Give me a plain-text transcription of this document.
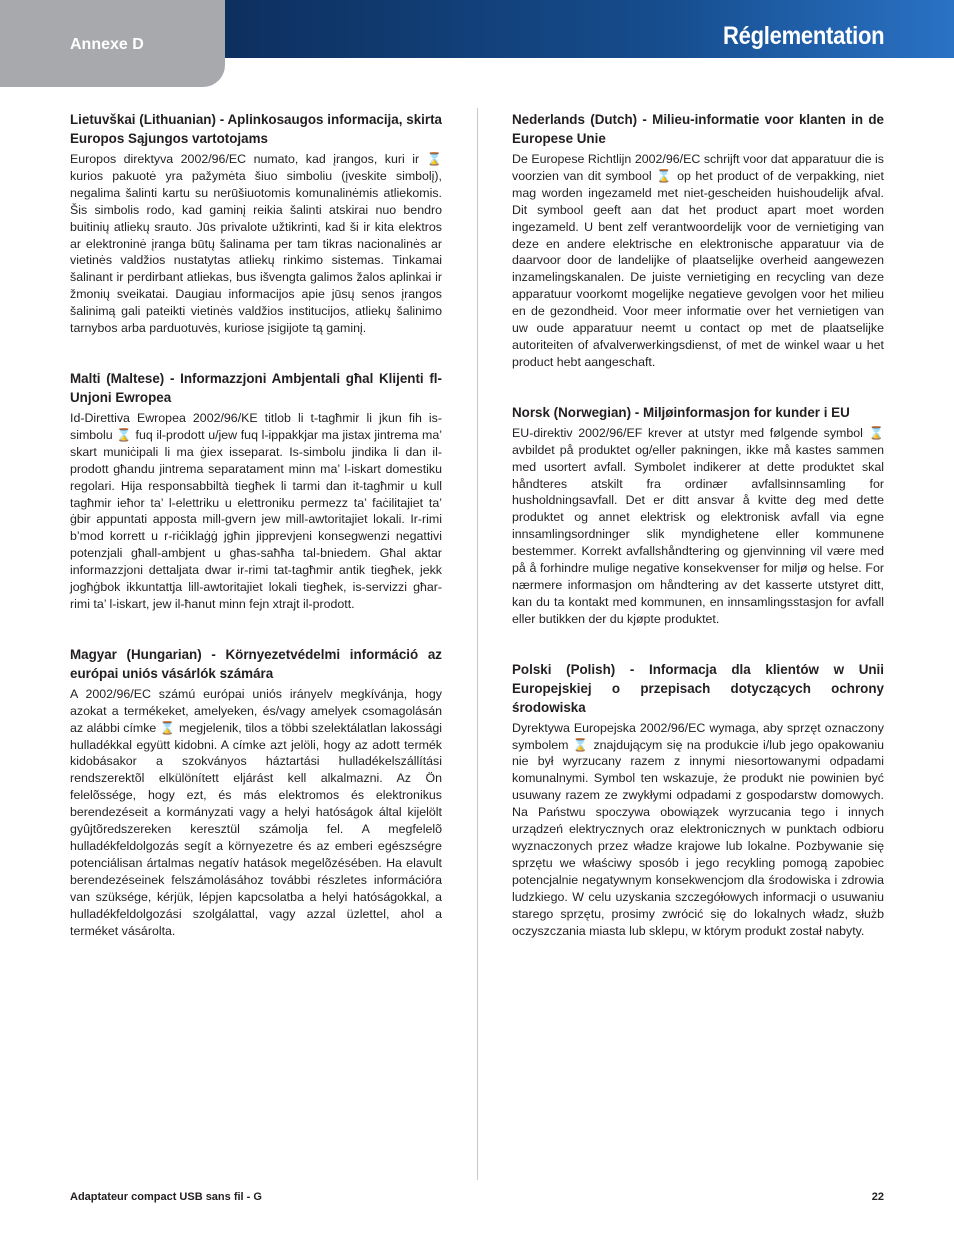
Annexe D	Réglementation
Lietuvškai (Lithuanian) - Aplinkosaugos informacija, skirta Europos Sąjungos vartotojams

Europos direktyva 2002/96/EC numato, kad įrangos, kuri ir ⌛ kurios pakuotė yra pažymėta šiuo simboliu (įveskite simbolį), negalima šalinti kartu su nerūšiuotomis komunalinėmis atliekomis. Šis simbolis rodo, kad gaminį reikia šalinti atskirai nuo bendro buitinių atliekų srauto. Jūs privalote užtikrinti, kad ši ir kita elektros ar elektroninė įranga būtų šalinama per tam tikras nacionalinės ar vietinės valdžios nustatytas atliekų rinkimo sistemas. Tinkamai šalinant ir perdirbant atliekas, bus išvengta galimos žalos aplinkai ir žmonių sveikatai. Daugiau informacijos apie jūsų senos įrangos šalinimą gali pateikti vietinės valdžios institucijos, atliekų šalinimo tarnybos arba parduotuvės, kuriose įsigijote tą gaminį.

Malti (Maltese) - Informazzjoni Ambjentali għal Klijenti fl-Unjoni Ewropea

Id-Direttiva Ewropea 2002/96/KE titlob li t-tagħmir li jkun fih is-simbolu ⌛ fuq il-prodott u/jew fuq l-ippakkjar ma jistax jintrema ma’ skart muniċipali li ma ġiex isseparat. Is-simbolu jindika li dan il-prodott għandu jintrema separatament minn ma’ l-iskart domestiku regolari. Hija responsabbiltà tiegħek li tarmi dan it-tagħmir u kull tagħmir ieħor ta’ l-elettriku u elettroniku permezz ta’ faċilitajiet ta’ ġbir appuntati apposta mill-gvern jew mill-awtoritajiet lokali. Ir-rimi b’mod korrett u r-riċiklaġġ jgħin jipprevjeni konsegwenzi negattivi potenzjali għall-ambjent u għas-saħħa tal-bniedem. Għal aktar informazzjoni dettaljata dwar ir-rimi tat-tagħmir antik tiegħek, jekk jogħġbok ikkuntattja lill-awtoritajiet lokali tiegħek, is-servizzi għar-rimi ta’ l-iskart, jew il-ħanut minn fejn xtrajt il-prodott.

Magyar (Hungarian) - Környezetvédelmi információ az európai uniós vásárlók számára

A 2002/96/EC számú európai uniós irányelv megkívánja, hogy azokat a termékeket, amelyeken, és/vagy amelyek csomagolásán az alábbi címke ⌛ megjelenik, tilos a többi szelektálatlan lakossági hulladékkal együtt kidobni. A címke azt jelöli, hogy az adott termék kidobásakor a szokványos háztartási hulladékelszállítási rendszerektõl elkülönített eljárást kell alkalmazni. Az Ön felelõssége, hogy ezt, és más elektromos és elektronikus berendezéseit a kormányzati vagy a helyi hatóságok által kijelölt gyûjtõredszereken keresztül számolja fel. A megfelelõ hulladékfeldolgozás segít a környezetre és az emberi egészségre potenciálisan ártalmas negatív hatások megelõzésében. Ha elavult berendezéseinek felszámolásához további részletes információra van szüksége, kérjük, lépjen kapcsolatba a helyi hatóságokkal, a hulladékfeldolgozási szolgálattal, vagy azzal üzlettel, ahol a terméket vásárolta.

Nederlands (Dutch) - Milieu-informatie voor klanten in de Europese Unie

De Europese Richtlijn 2002/96/EC schrijft voor dat apparatuur die is voorzien van dit symbool ⌛ op het product of de verpakking, niet mag worden ingezameld met niet-gescheiden huishoudelijk afval. Dit symbool geeft aan dat het product apart moet worden ingezameld. U bent zelf verantwoordelijk voor de vernietiging van deze en andere elektrische en elektronische apparatuur via de daarvoor door de landelijke of plaatselijke overheid aangewezen inzamelingskanalen. De juiste vernietiging en recycling van deze apparatuur voorkomt mogelijke negatieve gevolgen voor het milieu en de gezondheid. Voor meer informatie over het vernietigen van uw oude apparatuur neemt u contact op met de plaatselijke autoriteiten of afvalverwerkingsdienst, of met de winkel waar u het product hebt aangeschaft.

Norsk (Norwegian) - Miljøinformasjon for kunder i EU

EU-direktiv 2002/96/EF krever at utstyr med følgende symbol ⌛ avbildet på produktet og/eller pakningen, ikke må kastes sammen med usortert avfall. Symbolet indikerer at dette produktet skal håndteres atskilt fra ordinær avfallsinnsamling for husholdningsavfall. Det er ditt ansvar å kvitte deg med dette produktet og annet elektrisk og elektronisk avfall via egne innsamlingsordninger slik myndighetene eller kommunene bestemmer. Korrekt avfallshåndtering og gjenvinning vil være med på å forhindre mulige negative konsekvenser for miljø og helse. For nærmere informasjon om håndtering av det kasserte utstyret ditt, kan du ta kontakt med kommunen, en innsamlingsstasjon for avfall eller butikken der du kjøpte produktet.

Polski (Polish) - Informacja dla klientów w Unii Europejskiej o przepisach dotyczących ochrony środowiska

Dyrektywa Europejska 2002/96/EC wymaga, aby sprzęt oznaczony symbolem ⌛ znajdującym się na produkcie i/lub jego opakowaniu nie był wyrzucany razem z innymi niesortowanymi odpadami komunalnymi. Symbol ten wskazuje, że produkt nie powinien być usuwany razem ze zwykłymi odpadami z gospodarstw domowych. Na Państwu spoczywa obowiązek wyrzucania tego i innych urządzeń elektrycznych oraz elektronicznych w punktach odbioru wyznaczonych przez władze krajowe lub lokalne. Pozbywanie się sprzętu we właściwy sposób i jego recykling pomogą zapobiec potencjalnie negatywnym konsekwencjom dla środowiska i zdrowia ludzkiego. W celu uzyskania szczegółowych informacji o usuwaniu starego sprzętu, prosimy zwrócić się do lokalnych władz, służb oczyszczania miasta lub sklepu, w którym produkt został nabyty.

Adaptateur compact USB sans fil - G	22
